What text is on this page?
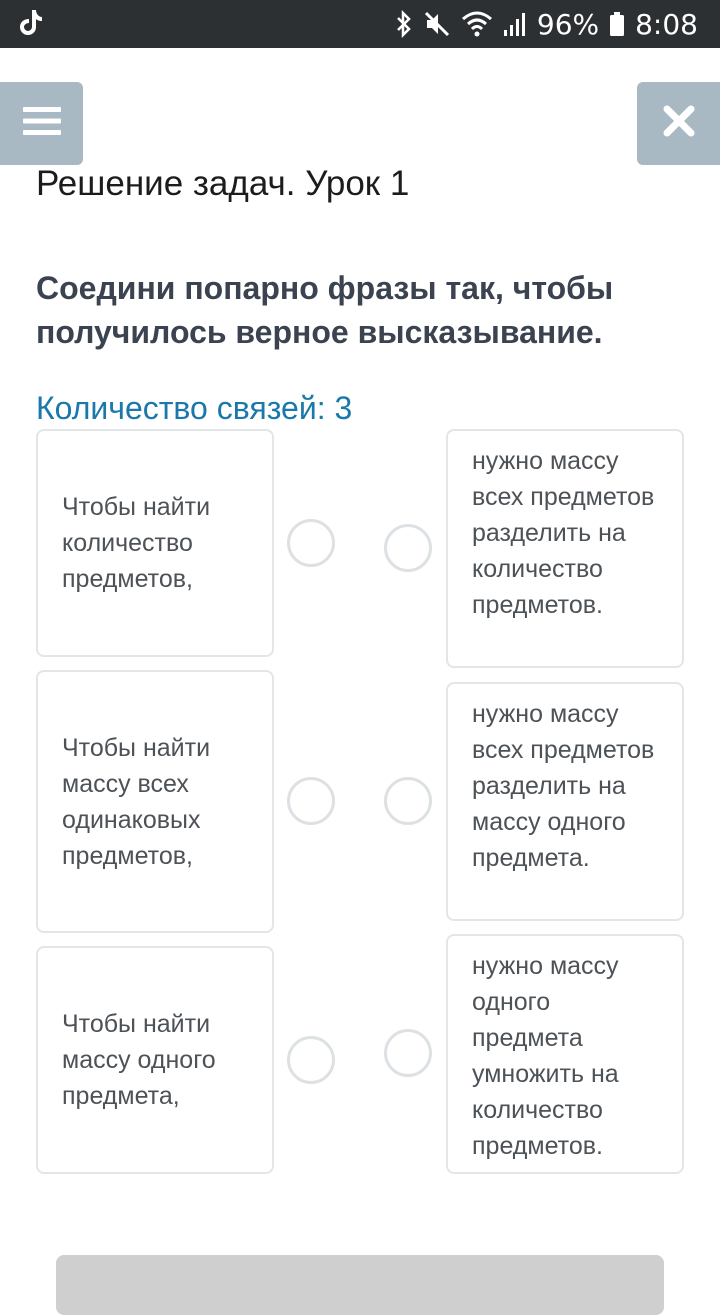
96% 8:08
Решение задач. Урок 1

Соедини попарно фразы так, чтобы получилось верное высказывание.

Количество связей: 3
Чтобы найти количество предметов,
Чтобы найти массу всех одинаковых предметов,
Чтобы найти массу одного предмета,
нужно массу всех предметов разделить на количество предметов.
нужно массу всех предметов разделить на массу одного предмета.
нужно массу одного предмета умножить на количество предметов.
